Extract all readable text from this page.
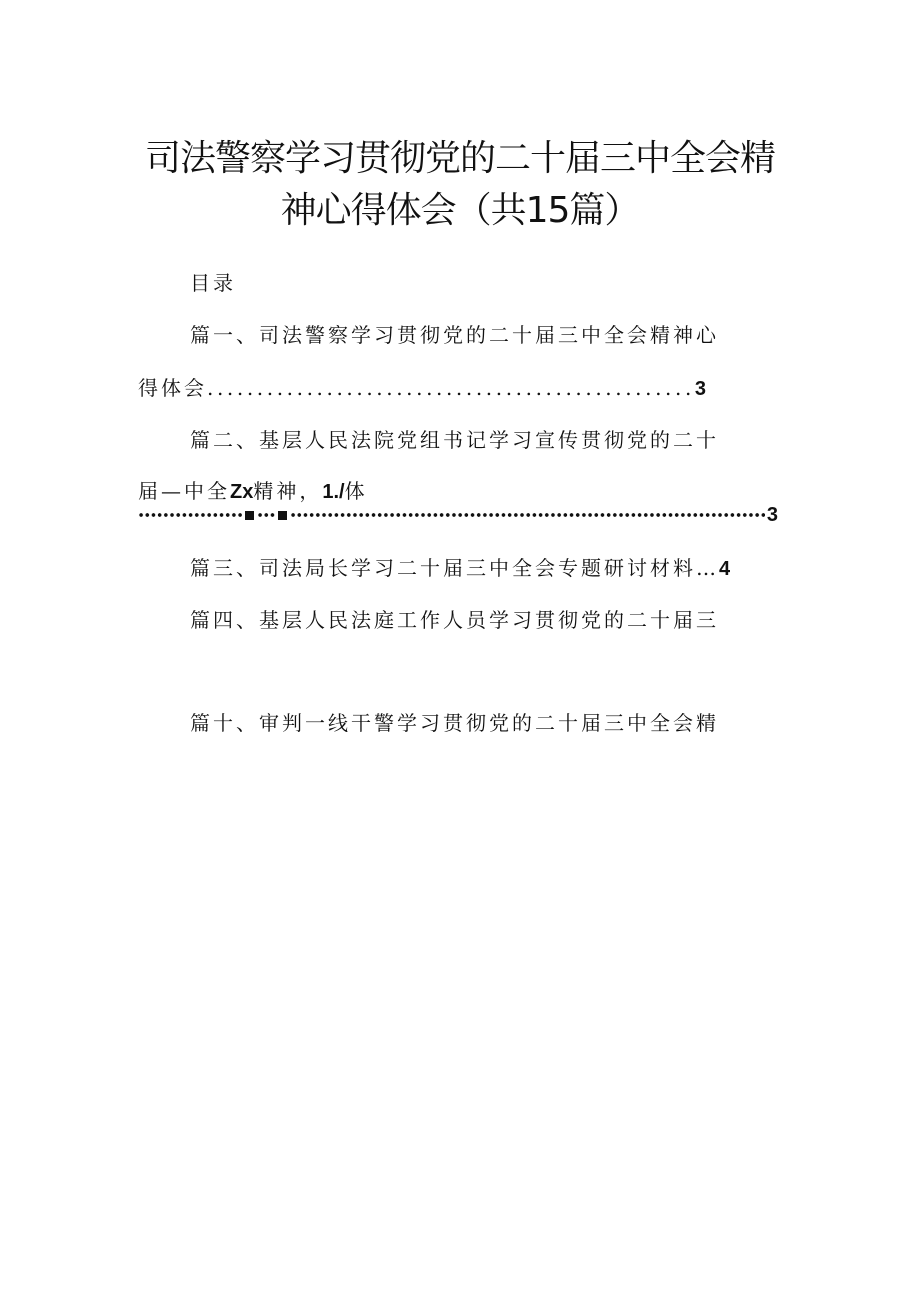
司法警察学习贯彻党的二十届三中全会精
神心得体会（共15篇）
目录
篇一、司法警察学习贯彻党的二十届三中全会精神心
得体会.................................................3
篇二、基层人民法院党组书记学习宣传贯彻党的二十
届—中全Zx精神，1./体
3
篇三、司法局长学习二十届三中全会专题研讨材料…4
篇四、基层人民法庭工作人员学习贯彻党的二十届三
篇十、审判一线干警学习贯彻党的二十届三中全会精
